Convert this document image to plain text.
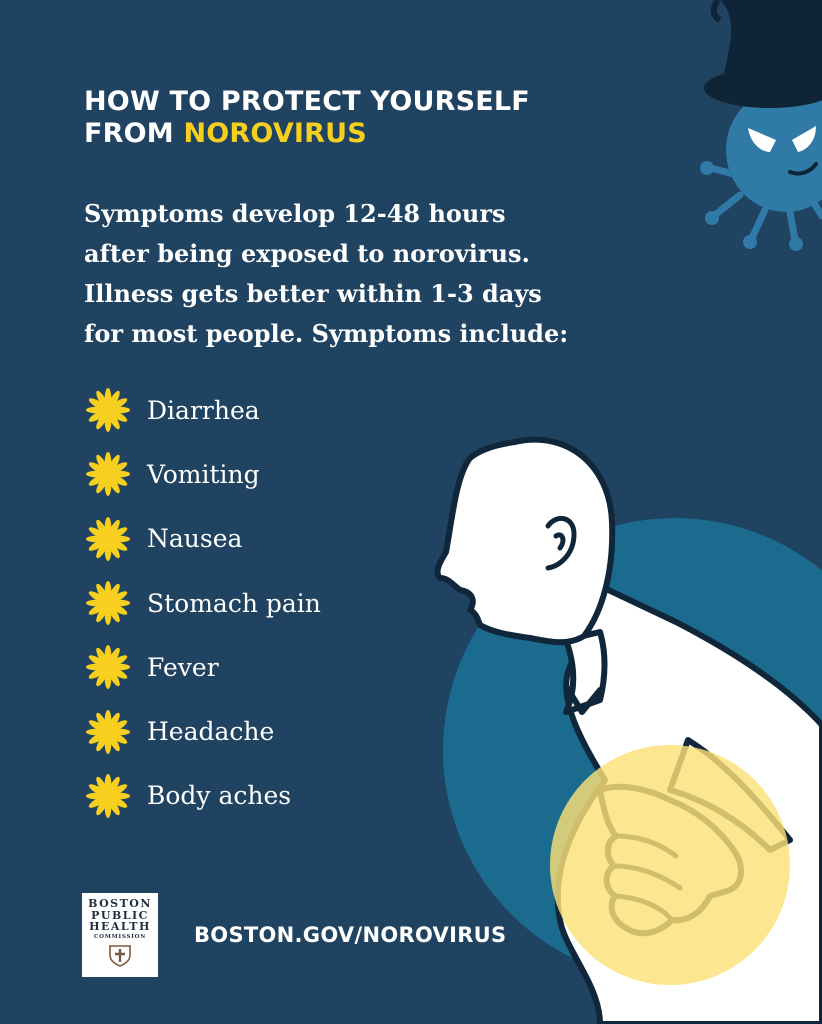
HOW TO PROTECT YOURSELF
FROM NOROVIRUS

Symptoms develop 12-48 hours
after being exposed to norovirus.
Illness gets better within 1-3 days
for most people. Symptoms include:

Diarrhea
Vomiting
Nausea
Stomach pain
Fever
Headache
Body aches
BOSTON
PUBLIC
HEALTH
COMMISSION	BOSTON.GOV/NOROVIRUS
